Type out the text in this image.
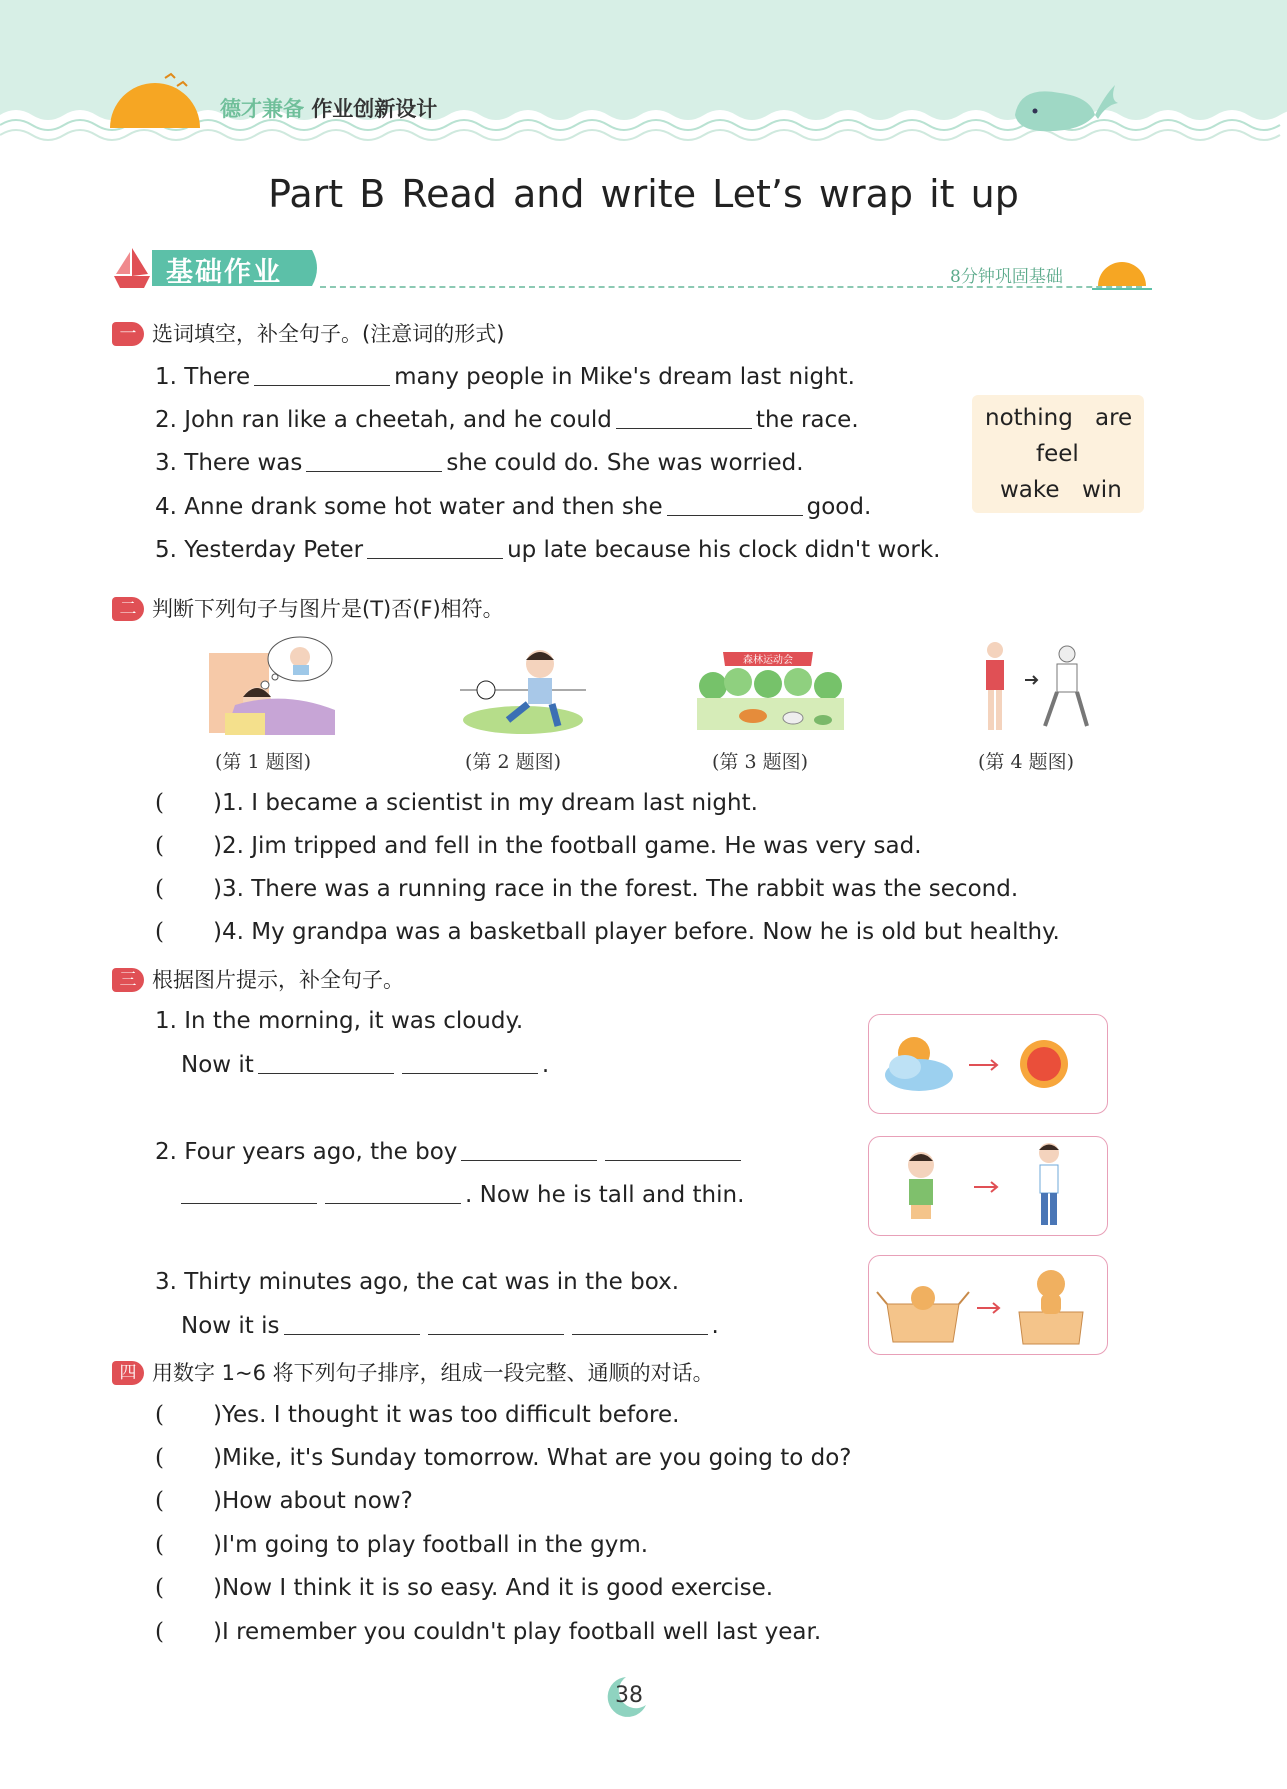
德才兼备 作业创新设计
Part B Read and write Let’s wrap it up
基础作业	8分钟巩固基础
一 选词填空，补全句子。(注意词的形式)
1. There	many people in Mike's dream last night.
2. John ran like a cheetah, and he could	the race.
3. There was	she could do. She was worried.
4. Anne drank some hot water and then she	good.
5. Yesterday Peter	up late because his clock didn't work.
nothing are
feel
wake win
二 判断下列句子与图片是(T)否(F)相符。
(第 1 题图)	(第 2 题图)
森林运动会
(第 3 题图)	(第 4 题图)
( )1. I became a scientist in my dream last night.
( )2. Jim tripped and fell in the football game. He was very sad.
( )3. There was a running race in the forest. The rabbit was the second.
( )4. My grandpa was a basketball player before. Now he is old but healthy.
三 根据图片提示，补全句子。
1. In the morning, it was cloudy.
Now it	.
2. Four years ago, the boy
. Now he is tall and thin.
3. Thirty minutes ago, the cat was in the box.
Now it is	.
四 用数字 1~6 将下列句子排序，组成一段完整、通顺的对话。
( )Yes. I thought it was too difficult before.
( )Mike, it's Sunday tomorrow. What are you going to do?
( )How about now?
( )I'm going to play football in the gym.
( )Now I think it is so easy. And it is good exercise.
( )I remember you couldn't play football well last year.
38
